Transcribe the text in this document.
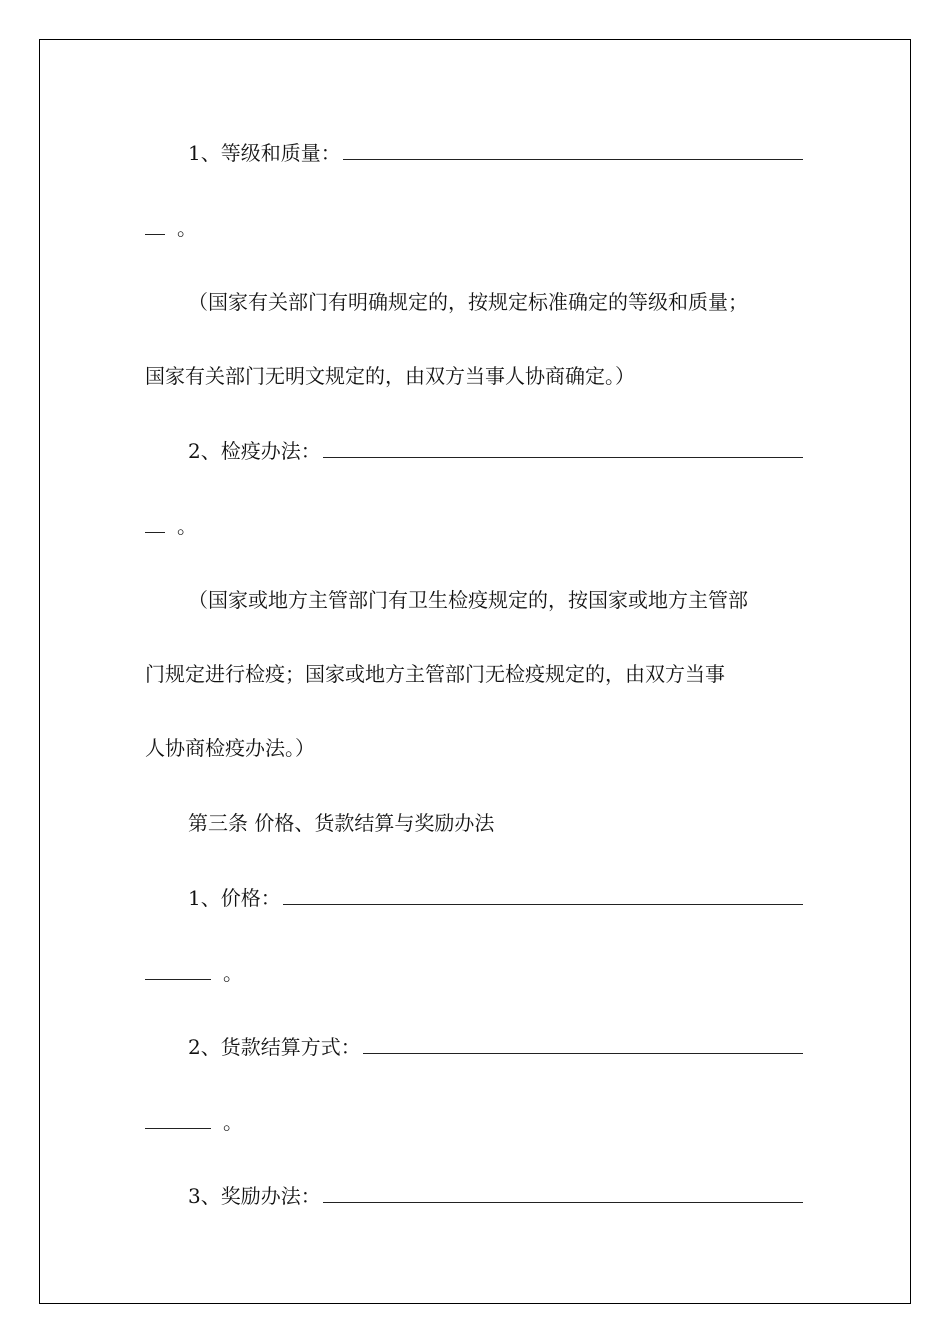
1、等级和质量：
。
（国家有关部门有明确规定的，按规定标准确定的等级和质量；
国家有关部门无明文规定的，由双方当事人协商确定。）
2、检疫办法：
。
（国家或地方主管部门有卫生检疫规定的，按国家或地方主管部
门规定进行检疫；国家或地方主管部门无检疫规定的，由双方当事
人协商检疫办法。）
第三条 价格、货款结算与奖励办法
1、价格：
。
2、货款结算方式：
。
3、奖励办法：
